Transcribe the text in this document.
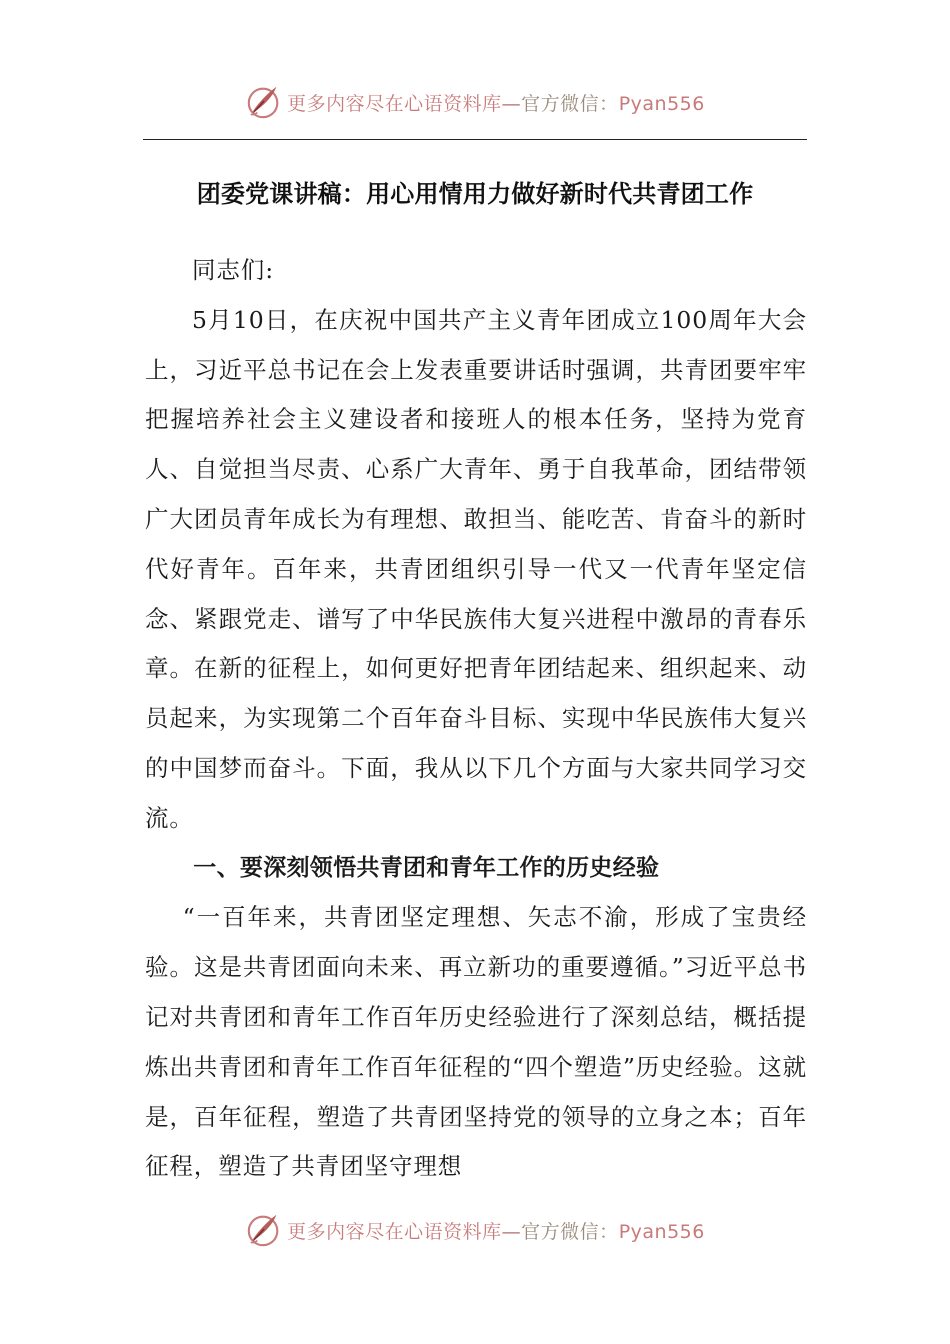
更多内容尽在心语资料库—官方微信：Pyan556
团委党课讲稿：用心用情用力做好新时代共青团工作

同志们:

5月10日，在庆祝中国共产主义青年团成立100周年大会上，习近平总书记在会上发表重要讲话时强调，共青团要牢牢把握培养社会主义建设者和接班人的根本任务，坚持为党育人、自觉担当尽责、心系广大青年、勇于自我革命，团结带领广大团员青年成长为有理想、敢担当、能吃苦、肯奋斗的新时代好青年。百年来，共青团组织引导一代又一代青年坚定信念、紧跟党走、谱写了中华民族伟大复兴进程中激昂的青春乐章。在新的征程上，如何更好把青年团结起来、组织起来、动员起来，为实现第二个百年奋斗目标、实现中华民族伟大复兴的中国梦而奋斗。下面，我从以下几个方面与大家共同学习交流。

一、要深刻领悟共青团和青年工作的历史经验

“一百年来，共青团坚定理想、矢志不渝，形成了宝贵经验。这是共青团面向未来、再立新功的重要遵循。”习近平总书记对共青团和青年工作百年历史经验进行了深刻总结，概括提炼出共青团和青年工作百年征程的“四个塑造”历史经验。这就是，百年征程，塑造了共青团坚持党的领导的立身之本；百年征程，塑造了共青团坚守理想

更多内容尽在心语资料库—官方微信：Pyan556
